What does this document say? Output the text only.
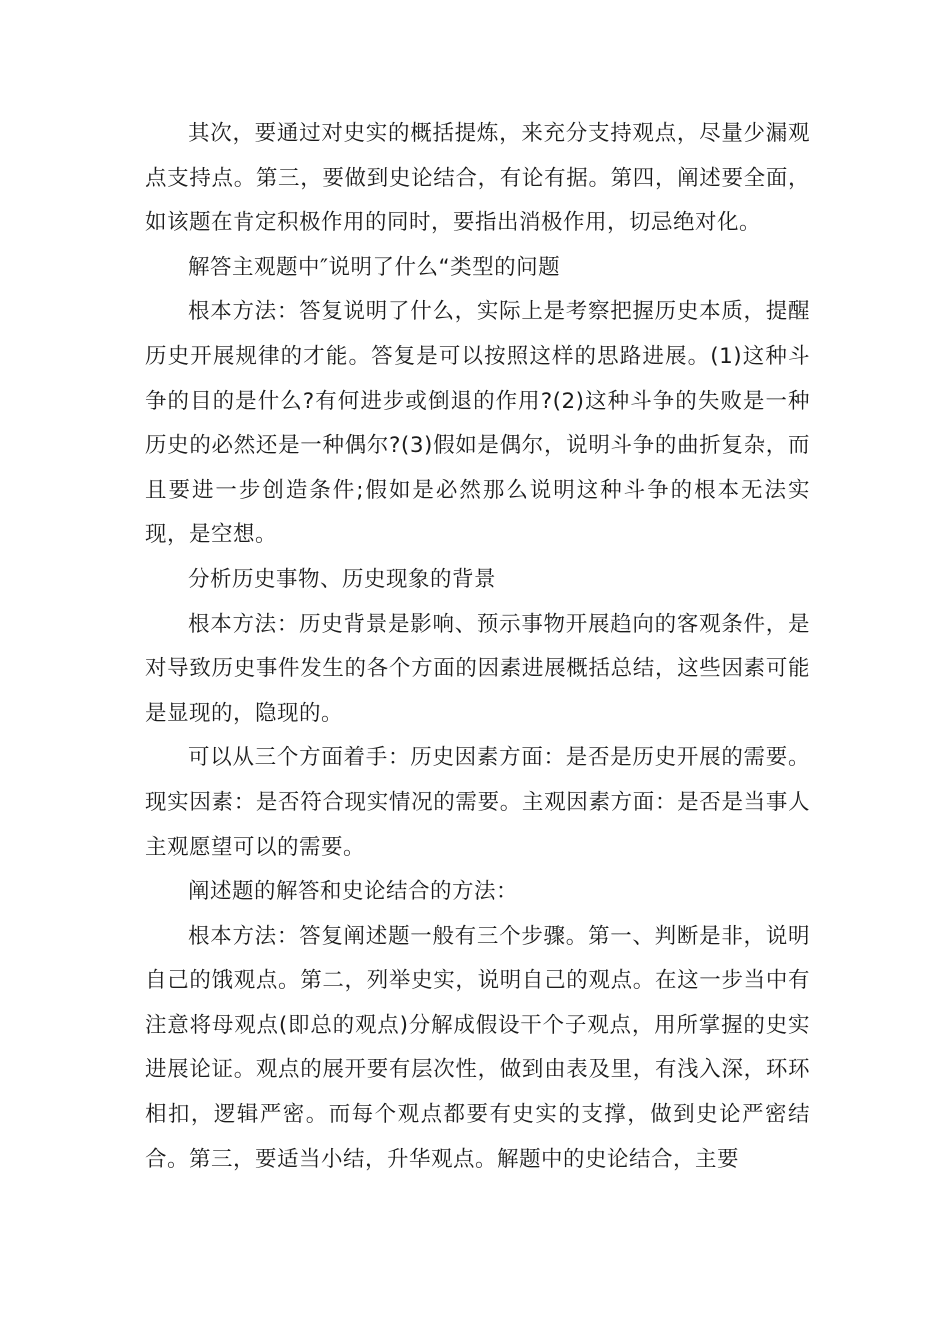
其次，要通过对史实的概括提炼，来充分支持观点，尽量少漏观点支持点。第三，要做到史论结合，有论有据。第四，阐述要全面，如该题在肯定积极作用的同时，要指出消极作用，切忌绝对化。

解答主观题中″说明了什么“类型的问题

根本方法：答复说明了什么，实际上是考察把握历史本质，提醒历史开展规律的才能。答复是可以按照这样的思路进展。(1)这种斗争的目的是什么?有何进步或倒退的作用?(2)这种斗争的失败是一种历史的必然还是一种偶尔?(3)假如是偶尔，说明斗争的曲折复杂，而且要进一步创造条件;假如是必然那么说明这种斗争的根本无法实现，是空想。

分析历史事物、历史现象的背景

根本方法：历史背景是影响、预示事物开展趋向的客观条件，是对导致历史事件发生的各个方面的因素进展概括总结，这些因素可能是显现的，隐现的。

可以从三个方面着手：历史因素方面：是否是历史开展的需要。现实因素：是否符合现实情况的需要。主观因素方面：是否是当事人主观愿望可以的需要。

阐述题的解答和史论结合的方法：

根本方法：答复阐述题一般有三个步骤。第一、判断是非，说明自己的饿观点。第二，列举史实，说明自己的观点。在这一步当中有注意将母观点(即总的观点)分解成假设干个子观点，用所掌握的史实进展论证。观点的展开要有层次性，做到由表及里，有浅入深，环环相扣，逻辑严密。而每个观点都要有史实的支撑，做到史论严密结合。第三，要适当小结，升华观点。解题中的史论结合，主要
